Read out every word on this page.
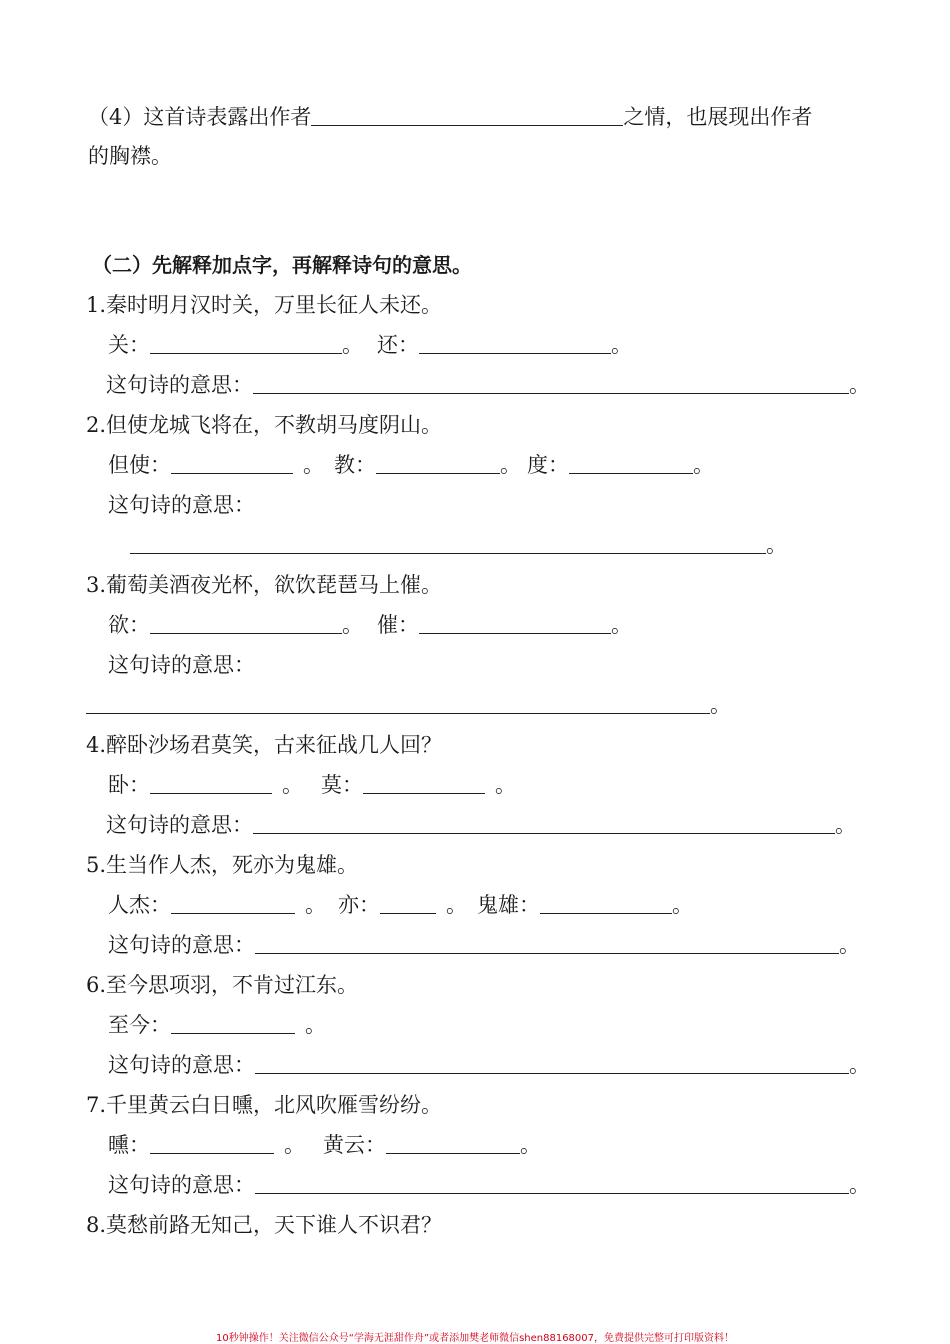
（4）这首诗表露出作者	之情，也展现出作者
的胸襟。
（二）先解释加点字，再解释诗句的意思。
1.秦时明月汉时关，万里长征人未还。
关：	。 还：	。
这句诗的意思：	。
2.但使龙城飞将在，不教胡马度阴山。
但使：	。 教：	。 度：	。
这句诗的意思：
。
3.葡萄美酒夜光杯，欲饮琵琶马上催。
欲：	。 催：	。
这句诗的意思：
。
4.醉卧沙场君莫笑，古来征战几人回？
卧：	。 莫：	。
这句诗的意思：	。
5.生当作人杰，死亦为鬼雄。
人杰：	。 亦：	。 鬼雄：	。
这句诗的意思：	。
6.至今思项羽，不肯过江东。
至今：	。
这句诗的意思：	。
7.千里黄云白日曛，北风吹雁雪纷纷。
曛：	。 黄云：	。
这句诗的意思：	。
8.莫愁前路无知己，天下谁人不识君？
10秒钟操作！关注微信公众号“学海无涯甜作舟”或者添加樊老师微信shen88168007，免费提供完整可打印版资料！
